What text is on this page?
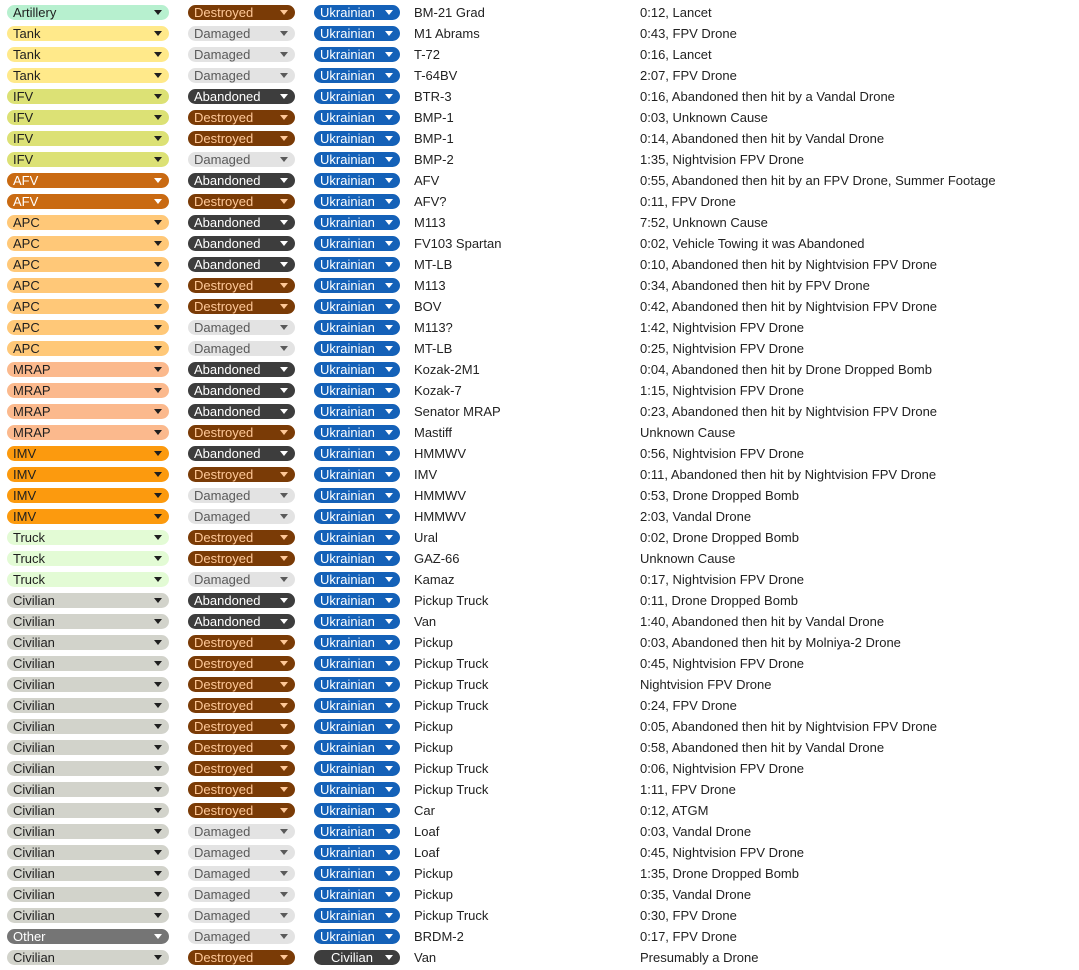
Artillery	Destroyed	Ukrainian	BM-21 Grad	0:12, Lancet
Tank	Damaged	Ukrainian	M1 Abrams	0:43, FPV Drone
Tank	Damaged	Ukrainian	T-72	0:16, Lancet
Tank	Damaged	Ukrainian	T-64BV	2:07, FPV Drone
IFV	Abandoned	Ukrainian	BTR-3	0:16, Abandoned then hit by a Vandal Drone
IFV	Destroyed	Ukrainian	BMP-1	0:03, Unknown Cause
IFV	Destroyed	Ukrainian	BMP-1	0:14, Abandoned then hit by Vandal Drone
IFV	Damaged	Ukrainian	BMP-2	1:35, Nightvision FPV Drone
AFV	Abandoned	Ukrainian	AFV	0:55, Abandoned then hit by an FPV Drone, Summer Footage
AFV	Destroyed	Ukrainian	AFV?	0:11, FPV Drone
APC	Abandoned	Ukrainian	M113	7:52, Unknown Cause
APC	Abandoned	Ukrainian	FV103 Spartan	0:02, Vehicle Towing it was Abandoned
APC	Abandoned	Ukrainian	MT-LB	0:10, Abandoned then hit by Nightvision FPV Drone
APC	Destroyed	Ukrainian	M113	0:34, Abandoned then hit by FPV Drone
APC	Destroyed	Ukrainian	BOV	0:42, Abandoned then hit by Nightvision FPV Drone
APC	Damaged	Ukrainian	M113?	1:42, Nightvision FPV Drone
APC	Damaged	Ukrainian	MT-LB	0:25, Nightvision FPV Drone
MRAP	Abandoned	Ukrainian	Kozak-2M1	0:04, Abandoned then hit by Drone Dropped Bomb
MRAP	Abandoned	Ukrainian	Kozak-7	1:15, Nightvision FPV Drone
MRAP	Abandoned	Ukrainian	Senator MRAP	0:23, Abandoned then hit by Nightvision FPV Drone
MRAP	Destroyed	Ukrainian	Mastiff	Unknown Cause
IMV	Abandoned	Ukrainian	HMMWV	0:56, Nightvision FPV Drone
IMV	Destroyed	Ukrainian	IMV	0:11, Abandoned then hit by Nightvision FPV Drone
IMV	Damaged	Ukrainian	HMMWV	0:53, Drone Dropped Bomb
IMV	Damaged	Ukrainian	HMMWV	2:03, Vandal Drone
Truck	Destroyed	Ukrainian	Ural	0:02, Drone Dropped Bomb
Truck	Destroyed	Ukrainian	GAZ-66	Unknown Cause
Truck	Damaged	Ukrainian	Kamaz	0:17, Nightvision FPV Drone
Civilian	Abandoned	Ukrainian	Pickup Truck	0:11, Drone Dropped Bomb
Civilian	Abandoned	Ukrainian	Van	1:40, Abandoned then hit by Vandal Drone
Civilian	Destroyed	Ukrainian	Pickup	0:03, Abandoned then hit by Molniya-2 Drone
Civilian	Destroyed	Ukrainian	Pickup Truck	0:45, Nightvision FPV Drone
Civilian	Destroyed	Ukrainian	Pickup Truck	Nightvision FPV Drone
Civilian	Destroyed	Ukrainian	Pickup Truck	0:24, FPV Drone
Civilian	Destroyed	Ukrainian	Pickup	0:05, Abandoned then hit by Nightvision FPV Drone
Civilian	Destroyed	Ukrainian	Pickup	0:58, Abandoned then hit by Vandal Drone
Civilian	Destroyed	Ukrainian	Pickup Truck	0:06, Nightvision FPV Drone
Civilian	Destroyed	Ukrainian	Pickup Truck	1:11, FPV Drone
Civilian	Destroyed	Ukrainian	Car	0:12, ATGM
Civilian	Damaged	Ukrainian	Loaf	0:03, Vandal Drone
Civilian	Damaged	Ukrainian	Loaf	0:45, Nightvision FPV Drone
Civilian	Damaged	Ukrainian	Pickup	1:35, Drone Dropped Bomb
Civilian	Damaged	Ukrainian	Pickup	0:35, Vandal Drone
Civilian	Damaged	Ukrainian	Pickup Truck	0:30, FPV Drone
Other	Damaged	Ukrainian	BRDM-2	0:17, FPV Drone
Civilian	Destroyed	Civilian	Van	Presumably a Drone
